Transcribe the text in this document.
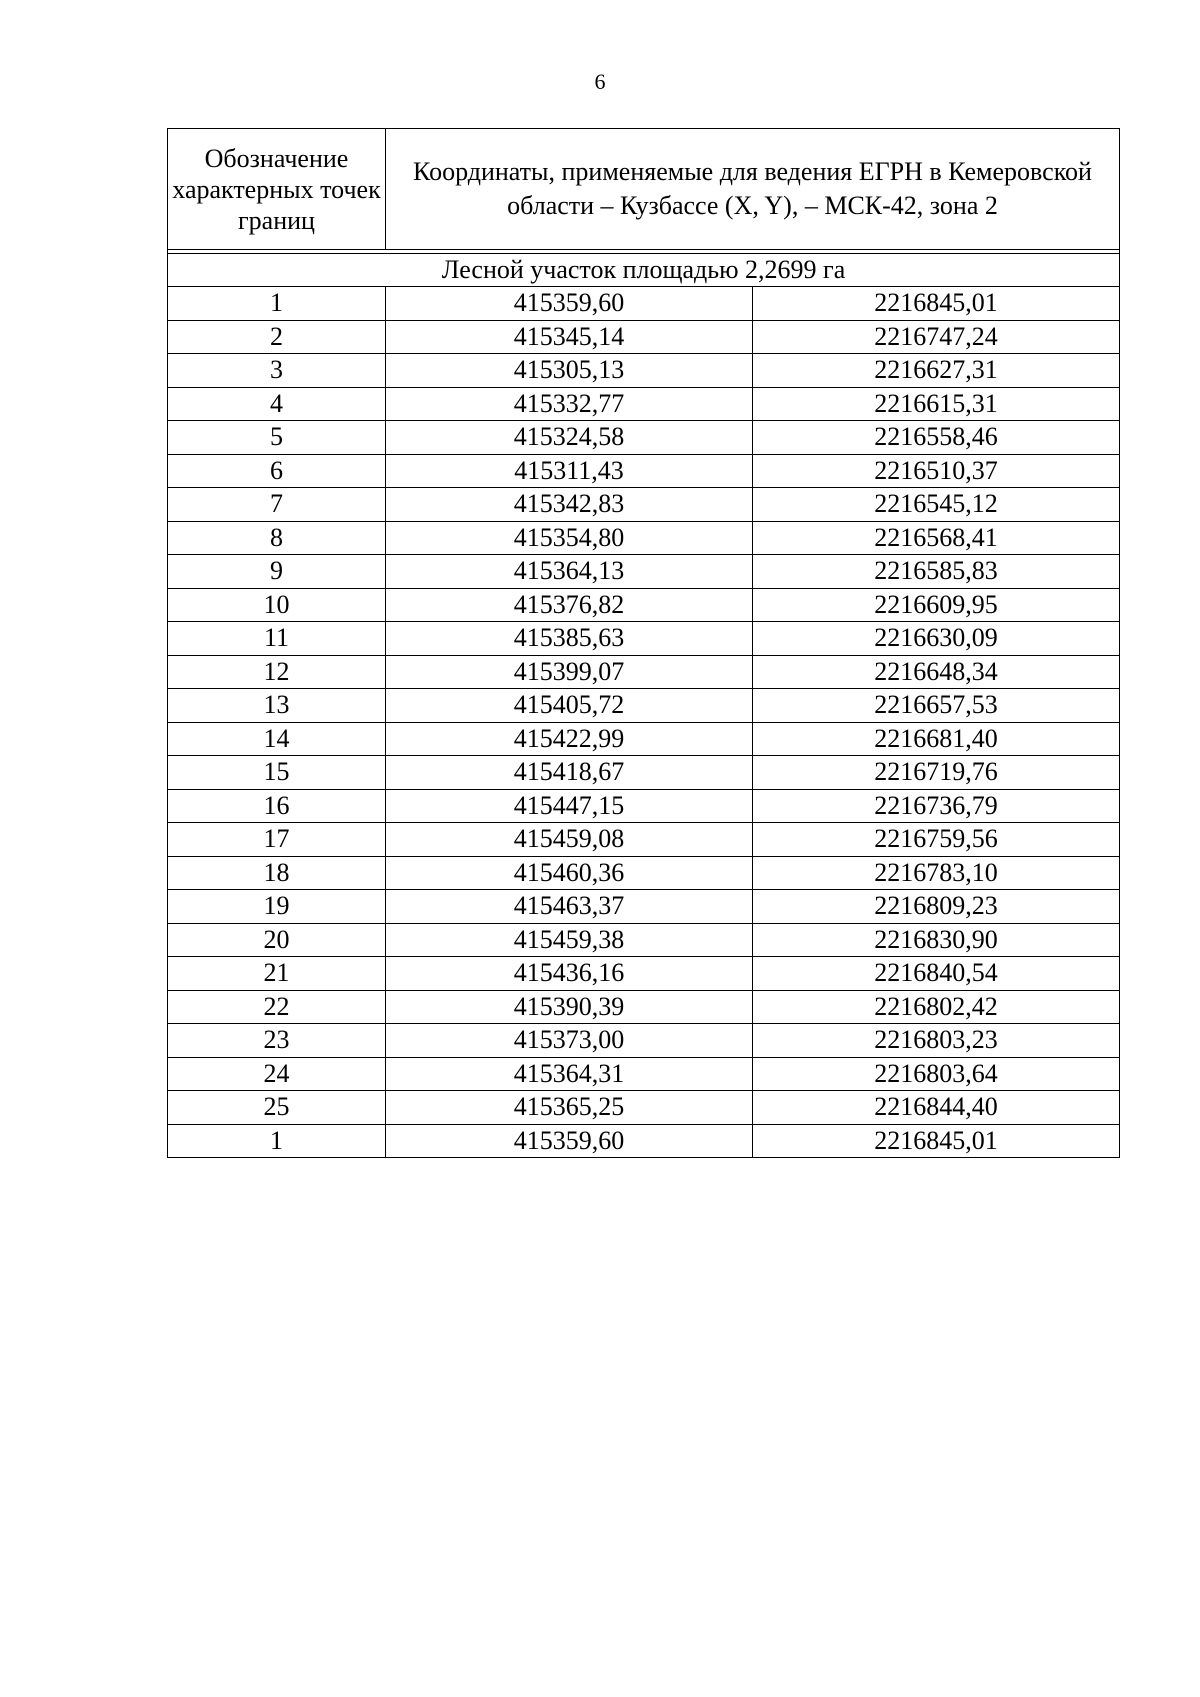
6
Обозначение характерных точек границ	Координаты, применяемые для ведения ЕГРН в Кемеровской области – Кузбассе (X, Y), – МСК-42, зона 2	

Лесной участок площадью 2,2699 га		
1	415359,60	2216845,01
2	415345,14	2216747,24
3	415305,13	2216627,31
4	415332,77	2216615,31
5	415324,58	2216558,46
6	415311,43	2216510,37
7	415342,83	2216545,12
8	415354,80	2216568,41
9	415364,13	2216585,83
10	415376,82	2216609,95
11	415385,63	2216630,09
12	415399,07	2216648,34
13	415405,72	2216657,53
14	415422,99	2216681,40
15	415418,67	2216719,76
16	415447,15	2216736,79
17	415459,08	2216759,56
18	415460,36	2216783,10
19	415463,37	2216809,23
20	415459,38	2216830,90
21	415436,16	2216840,54
22	415390,39	2216802,42
23	415373,00	2216803,23
24	415364,31	2216803,64
25	415365,25	2216844,40
1	415359,60	2216845,01
